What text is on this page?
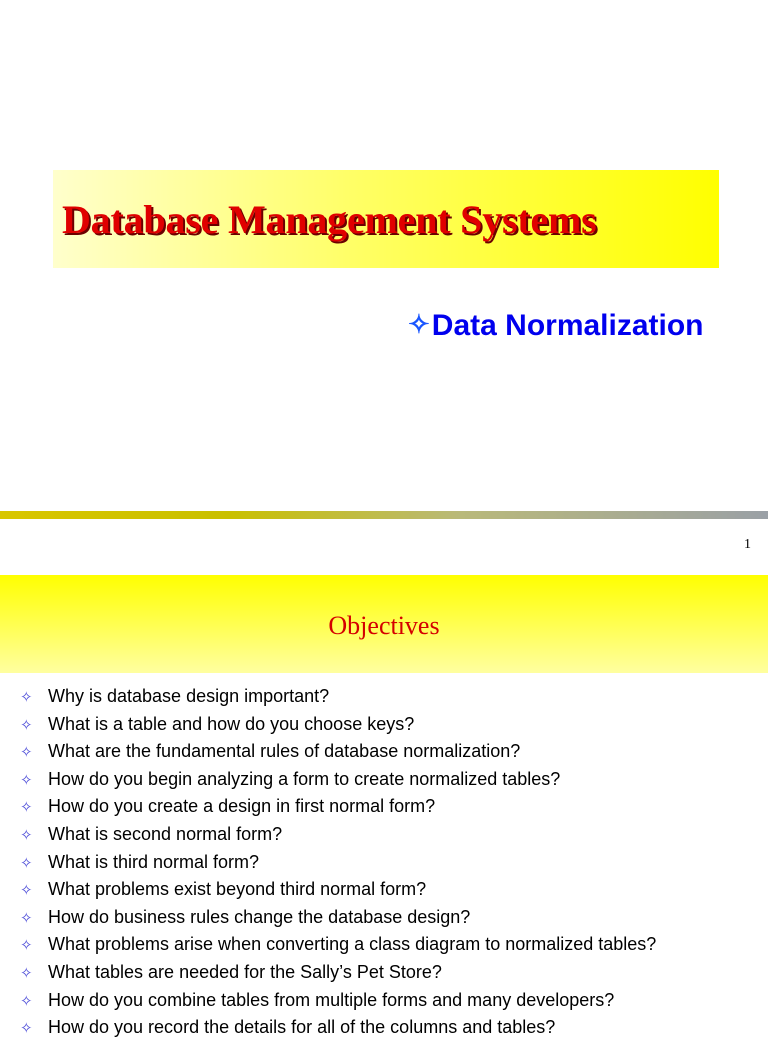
Database Management Systems
✧Data Normalization
1
Objectives
✧ Why is database design important?
✧ What is a table and how do you choose keys?
✧ What are the fundamental rules of database normalization?
✧ How do you begin analyzing a form to create normalized tables?
✧ How do you create a design in first normal form?
✧ What is second normal form?
✧ What is third normal form?
✧ What problems exist beyond third normal form?
✧ How do business rules change the database design?
✧ What problems arise when converting a class diagram to normalized tables?
✧ What tables are needed for the Sally’s Pet Store?
✧ How do you combine tables from multiple forms and many developers?
✧ How do you record the details for all of the columns and tables?
